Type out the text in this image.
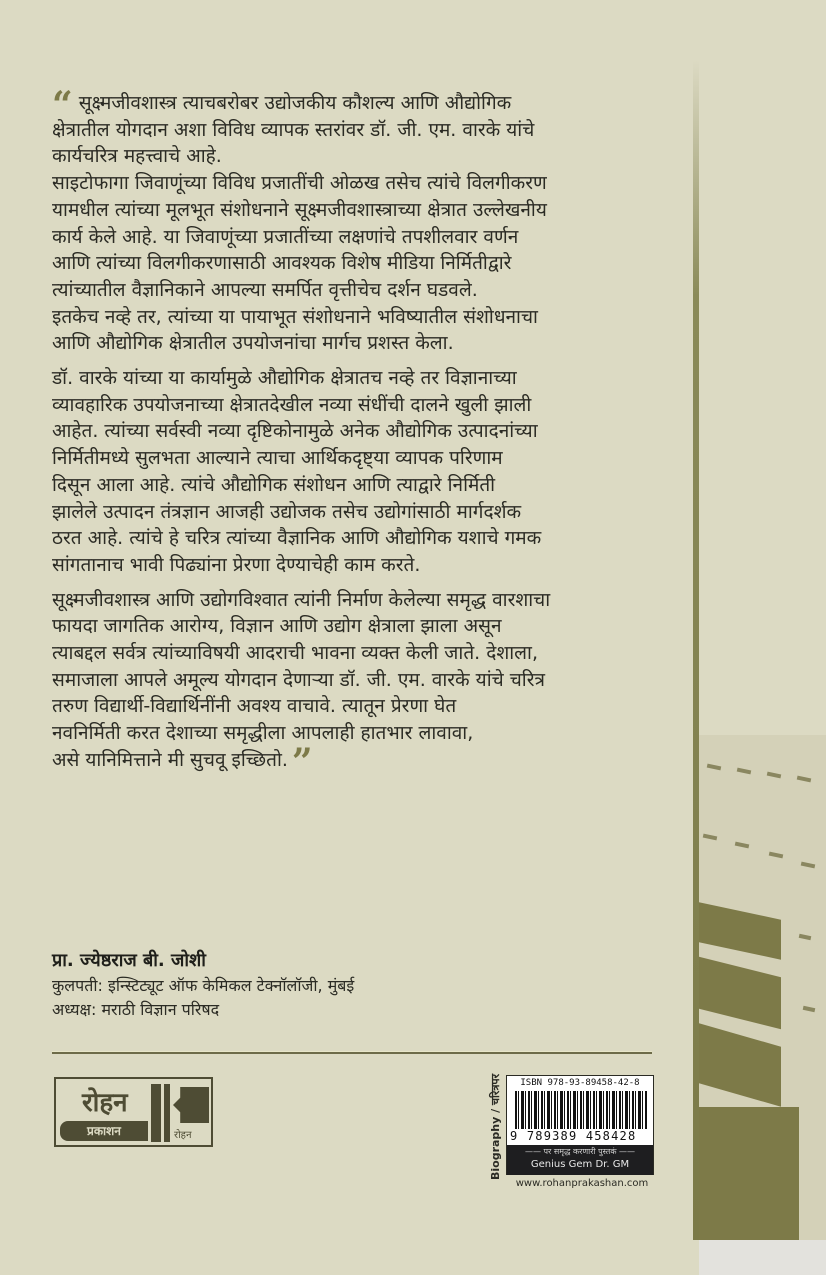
“ सूक्ष्मजीवशास्त्र त्याचबरोबर उद्योजकीय कौशल्य आणि औद्योगिक
क्षेत्रातील योगदान अशा विविध व्यापक स्तरांवर डॉ. जी. एम. वारके यांचे
कार्यचरित्र महत्त्वाचे आहे.
साइटोफागा जिवाणूंच्या विविध प्रजातींची ओळख तसेच त्यांचे विलगीकरण
यामधील त्यांच्या मूलभूत संशोधनाने सूक्ष्मजीवशास्त्राच्या क्षेत्रात उल्लेखनीय
कार्य केले आहे. या जिवाणूंच्या प्रजातींच्या लक्षणांचे तपशीलवार वर्णन
आणि त्यांच्या विलगीकरणासाठी आवश्यक विशेष मीडिया निर्मितीद्वारे
त्यांच्यातील वैज्ञानिकाने आपल्या समर्पित वृत्तीचेच दर्शन घडवले.
इतकेच नव्हे तर, त्यांच्या या पायाभूत संशोधनाने भविष्यातील संशोधनाचा
आणि औद्योगिक क्षेत्रातील उपयोजनांचा मार्गच प्रशस्त केला.
डॉ. वारके यांच्या या कार्यामुळे औद्योगिक क्षेत्रातच नव्हे तर विज्ञानाच्या
व्यावहारिक उपयोजनाच्या क्षेत्रातदेखील नव्या संधींची दालने खुली झाली
आहेत. त्यांच्या सर्वस्वी नव्या दृष्टिकोनामुळे अनेक औद्योगिक उत्पादनांच्या
निर्मितीमध्ये सुलभता आल्याने त्याचा आर्थिकदृष्ट्या व्यापक परिणाम
दिसून आला आहे. त्यांचे औद्योगिक संशोधन आणि त्याद्वारे निर्मिती
झालेले उत्पादन तंत्रज्ञान आजही उद्योजक तसेच उद्योगांसाठी मार्गदर्शक
ठरत आहे. त्यांचे हे चरित्र त्यांच्या वैज्ञानिक आणि औद्योगिक यशाचे गमक
सांगतानाच भावी पिढ्यांना प्रेरणा देण्याचेही काम करते.
सूक्ष्मजीवशास्त्र आणि उद्योगविश्वात त्यांनी निर्माण केलेल्या समृद्ध वारशाचा
फायदा जागतिक आरोग्य, विज्ञान आणि उद्योग क्षेत्राला झाला असून
त्याबद्दल सर्वत्र त्यांच्याविषयी आदराची भावना व्यक्त केली जाते. देशाला,
समाजाला आपले अमूल्य योगदान देणाऱ्या डॉ. जी. एम. वारके यांचे चरित्र
तरुण विद्यार्थी-विद्यार्थिनींनी अवश्य वाचावे. त्यातून प्रेरणा घेत
नवनिर्मिती करत देशाच्या समृद्धीला आपलाही हातभार लावावा,
असे यानिमित्ताने मी सुचवू इच्छितो. ”
प्रा. ज्येष्ठराज बी. जोशी
कुलपती: इन्स्टिट्यूट ऑफ केमिकल टेक्नॉलॉजी, मुंबई
अध्यक्ष: मराठी विज्ञान परिषद
रोहन
प्रकाशन	रोहन	Biography / चरित्रपर	ISBN 978-93-89458-42-8
9 789389 458428
—— पर समृद्ध करणारी पुस्तकं ——
Genius Gem Dr. GM
www.rohanprakashan.com
